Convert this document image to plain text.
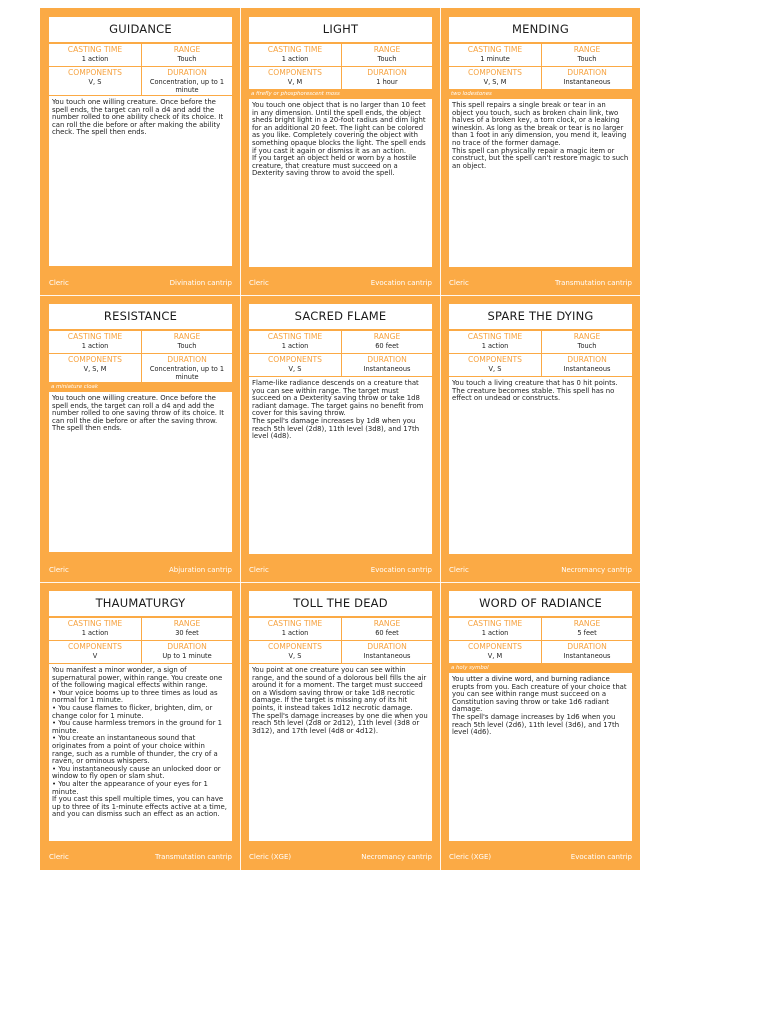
GUIDANCE
CASTING TIME
1 action
RANGE
Touch
COMPONENTS
V, S
DURATION
Concentration, up to 1 minute

You touch one willing creature. Once before the spell ends, the target can roll a d4 and add the number rolled to one ability check of its choice. It can roll the die before or after making the ability check. The spell then ends.

Cleric	Divination cantrip
LIGHT
CASTING TIME
1 action
RANGE
Touch
COMPONENTS
V, M
DURATION
1 hour
a firefly or phosphorescent moss

You touch one object that is no larger than 10 feet in any dimension. Until the spell ends, the object sheds bright light in a 20-foot radius and dim light for an additional 20 feet. The light can be colored as you like. Completely covering the object with something opaque blocks the light. The spell ends if you cast it again or dismiss it as an action.

If you target an object held or worn by a hostile creature, that creature must succeed on a Dexterity saving throw to avoid the spell.

Cleric	Evocation cantrip
MENDING
CASTING TIME
1 minute
RANGE
Touch
COMPONENTS
V, S, M
DURATION
Instantaneous
two lodestones

This spell repairs a single break or tear in an object you touch, such as broken chain link, two halves of a broken key, a torn clock, or a leaking wineskin. As long as the break or tear is no larger than 1 foot in any dimension, you mend it, leaving no trace of the former damage.

This spell can physically repair a magic item or construct, but the spell can't restore magic to such an object.

Cleric	Transmutation cantrip
RESISTANCE
CASTING TIME
1 action
RANGE
Touch
COMPONENTS
V, S, M
DURATION
Concentration, up to 1 minute
a miniature cloak

You touch one willing creature. Once before the spell ends, the target can roll a d4 and add the number rolled to one saving throw of its choice. It can roll the die before or after the saving throw. The spell then ends.

Cleric	Abjuration cantrip
SACRED FLAME
CASTING TIME
1 action
RANGE
60 feet
COMPONENTS
V, S
DURATION
Instantaneous

Flame-like radiance descends on a creature that you can see within range. The target must succeed on a Dexterity saving throw or take 1d8 radiant damage. The target gains no benefit from cover for this saving throw.

The spell's damage increases by 1d8 when you reach 5th level (2d8), 11th level (3d8), and 17th level (4d8).

Cleric	Evocation cantrip
SPARE THE DYING
CASTING TIME
1 action
RANGE
Touch
COMPONENTS
V, S
DURATION
Instantaneous

You touch a living creature that has 0 hit points. The creature becomes stable. This spell has no effect on undead or constructs.

Cleric	Necromancy cantrip
THAUMATURGY
CASTING TIME
1 action
RANGE
30 feet
COMPONENTS
V
DURATION
Up to 1 minute

You manifest a minor wonder, a sign of supernatural power, within range. You create one of the following magical effects within range.

• Your voice booms up to three times as loud as normal for 1 minute.

• You cause flames to flicker, brighten, dim, or change color for 1 minute.

• You cause harmless tremors in the ground for 1 minute.

• You create an instantaneous sound that originates from a point of your choice within range, such as a rumble of thunder, the cry of a raven, or ominous whispers.

• You instantaneously cause an unlocked door or window to fly open or slam shut.

• You alter the appearance of your eyes for 1 minute.

If you cast this spell multiple times, you can have up to three of its 1-minute effects active at a time, and you can dismiss such an effect as an action.

Cleric	Transmutation cantrip
TOLL THE DEAD
CASTING TIME
1 action
RANGE
60 feet
COMPONENTS
V, S
DURATION
Instantaneous

You point at one creature you can see within range, and the sound of a dolorous bell fills the air around it for a moment. The target must succeed on a Wisdom saving throw or take 1d8 necrotic damage. If the target is missing any of its hit points, it instead takes 1d12 necrotic damage.

The spell's damage increases by one die when you reach 5th level (2d8 or 2d12), 11th level (3d8 or 3d12), and 17th level (4d8 or 4d12).

Cleric (XGE)	Necromancy cantrip
WORD OF RADIANCE
CASTING TIME
1 action
RANGE
5 feet
COMPONENTS
V, M
DURATION
Instantaneous
a holy symbol

You utter a divine word, and burning radiance erupts from you. Each creature of your choice that you can see within range must succeed on a Constitution saving throw or take 1d6 radiant damage.

The spell's damage increases by 1d6 when you reach 5th level (2d6), 11th level (3d6), and 17th level (4d6).

Cleric (XGE)	Evocation cantrip
